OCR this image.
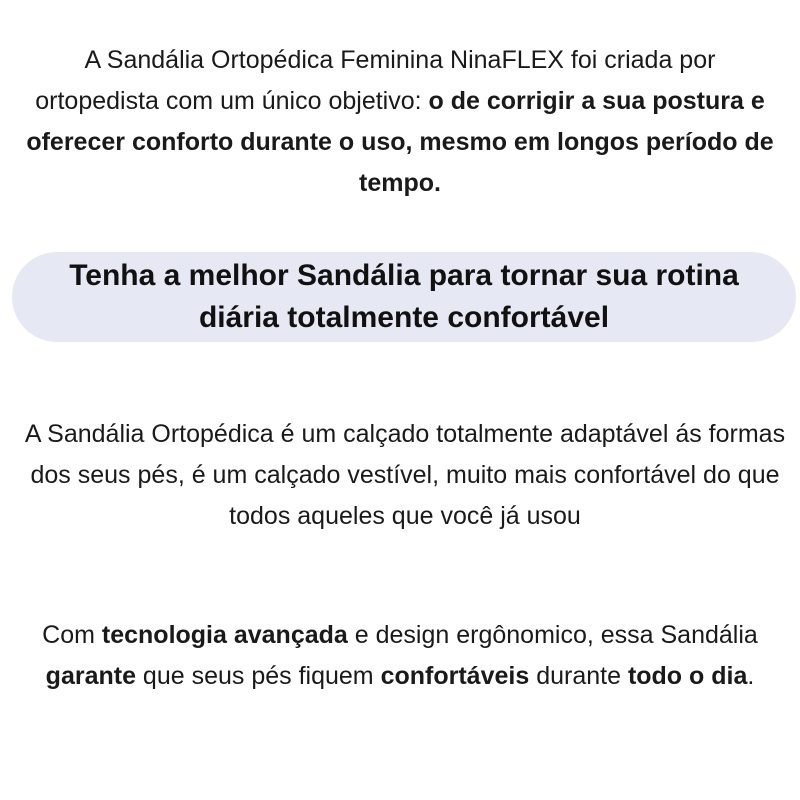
A Sandália Ortopédica Feminina NinaFLEX foi criada por ortopedista com um único objetivo: o de corrigir a sua postura e oferecer conforto durante o uso, mesmo em longos período de tempo.

Tenha a melhor Sandália para tornar sua rotina
diária totalmente confortável

A Sandália Ortopédica é um calçado totalmente adaptável ás formas dos seus pés, é um calçado vestível, muito mais confortável do que todos aqueles que você já usou

Com tecnologia avançada e design ergônomico, essa Sandália garante que seus pés fiquem confortáveis durante todo o dia.
